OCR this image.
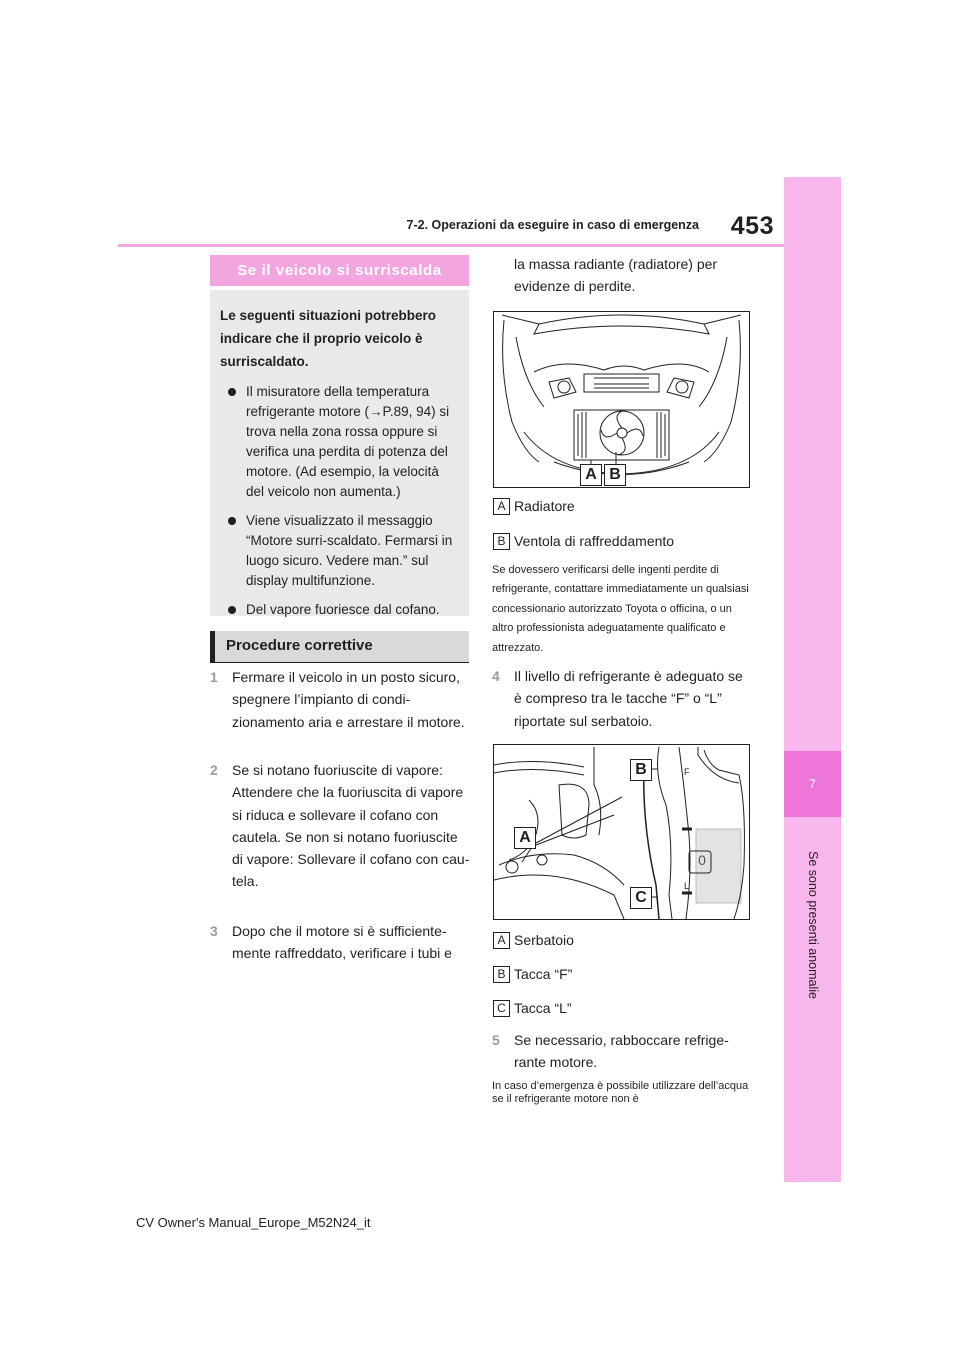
453
7-2. Operazioni da eseguire in caso di emergenza
7
Se sono presenti anomalie
Se il veicolo si surriscalda

Le seguenti situazioni potrebbero indicare che il proprio veicolo è surriscaldato.

Il misuratore della temperatura refrigerante motore (→P.89, 94) si trova nella zona rossa oppure si verifica una perdita di potenza del motore. (Ad esempio, la velocità del veicolo non aumenta.)
Viene visualizzato il messaggio “Motore surri-scaldato. Fermarsi in luogo sicuro. Vedere man.” sul display multifunzione.
Del vapore fuoriesce dal cofano.
Procedure correttive
1 Fermare il veicolo in un posto sicuro, spegnere l’impianto di condi-zionamento aria e arrestare il motore.
2 Se si notano fuoriuscite di vapore: Attendere che la fuoriuscita di vapore si riduca e sollevare il cofano con cautela. Se non si notano fuoriuscite di vapore: Sollevare il cofano con cau-tela.
3 Dopo che il motore si è sufficiente-mente raffreddato, verificare i tubi e
la massa radiante (radiatore) per evidenze di perdite.
A B
A Radiatore
B Ventola di raffreddamento
Se dovessero verificarsi delle ingenti perdite di refrigerante, contattare immediatamente un qualsiasi concessionario autorizzato Toyota o officina, o un altro professionista adeguatamente qualificato e attrezzato.
4 Il livello di refrigerante è adeguato se è compreso tra le tacche “F” o “L” riportate sul serbatoio.
B
A
C
F
L
0
A Serbatoio
B Tacca “F”
C Tacca “L”
5 Se necessario, rabboccare refrige-rante motore.
In caso d’emergenza è possibile utilizzare dell’acqua se il refrigerante motore non è
CV Owner's Manual_Europe_M52N24_it
